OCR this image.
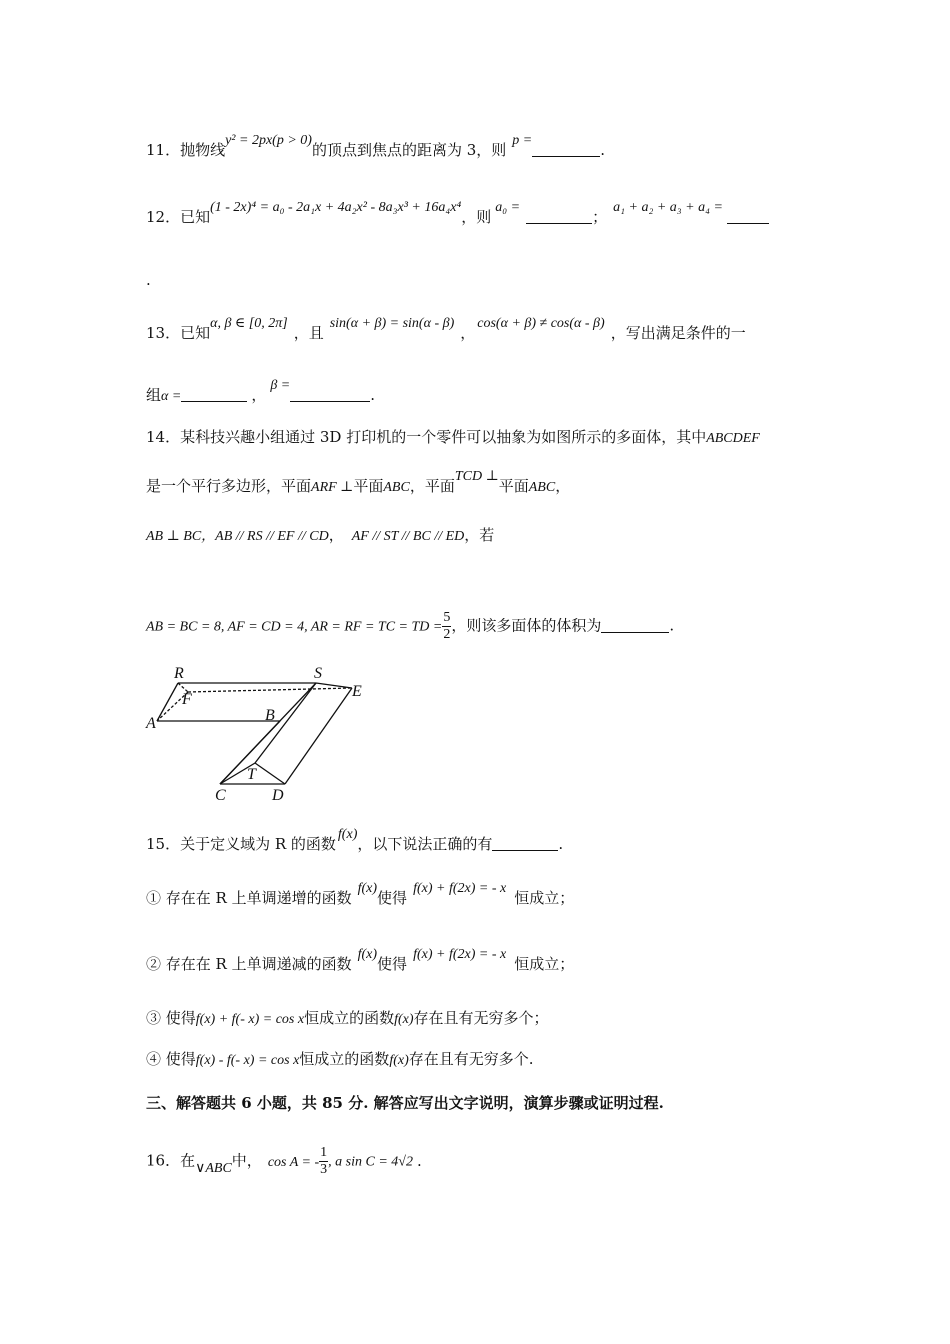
11．抛物线y² = 2px(p > 0)的顶点到焦点的距离为 3，则p =.
12．已知(1 - 2x)⁴ = a₀ - 2a₁x + 4a₂x² - 8a₃x³ + 16a₄x⁴，则a₀ =；a₁ + a₂ + a₃ + a₄ =
.
13．已知α, β ∈ [0, 2π]，且sin(α + β) = sin(α - β)，cos(α + β) ≠ cos(α - β)，写出满足条件的一
组α =	，β =.
14．某科技兴趣小组通过 3D 打印机的一个零件可以抽象为如图所示的多面体，其中ABCDEF
是一个平行多边形，平面ARF ⊥平面ABC，平面TCD ⊥平面ABC，
AB ⊥ BC，AB // RS // EF // CD， AF // ST // BC // ED，若
AB = BC = 8, AF = CD = 4, AR = RF = TC = TD = $\frac{5}{2}$ ，则该多面体的体积为	.
R	S
E
F
A	B
T
C	D
15．关于定义域为 R 的函数f(x)，以下说法正确的有	.
① 存在在 R 上单调递增的函数f(x)使得f(x) + f(2x) = - x恒成立；
② 存在在 R 上单调递减的函数f(x)使得f(x) + f(2x) = - x恒成立；
③ 使得f(x) + f(- x) = cos x恒成立的函数f(x)存在且有无穷多个；
④ 使得f(x) - f(- x) = cos x恒成立的函数f(x)存在且有无穷多个.
三、解答题共 6 小题，共 85 分. 解答应写出文字说明，演算步骤或证明过程.
16．在∨ABC中， cos A = - $\frac{1}{3}$ , a sin C = 4√2 .
